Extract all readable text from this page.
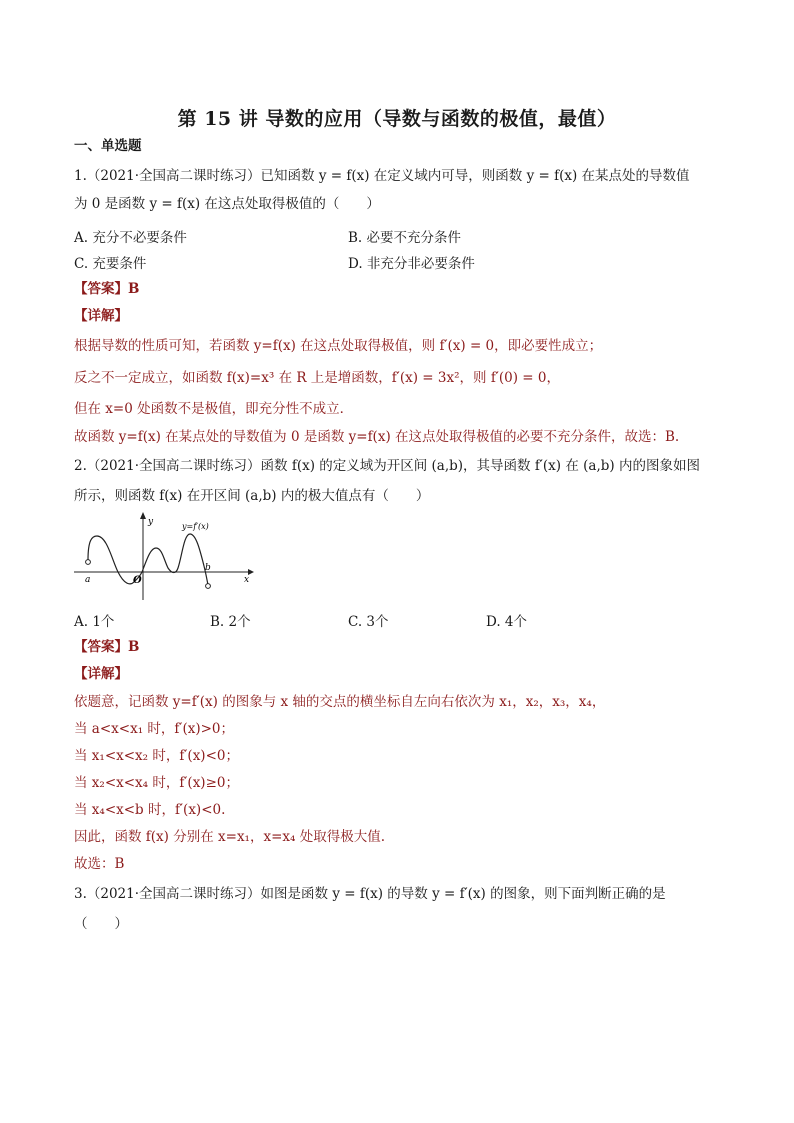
第 15 讲 导数的应用（导数与函数的极值，最值）
一、单选题
1.（2021·全国高二课时练习）已知函数 y = f(x) 在定义域内可导，则函数 y = f(x) 在某点处的导数值
为 0 是函数 y = f(x) 在这点处取得极值的（　　）
A. 充分不必要条件	B. 必要不充分条件
C. 充要条件	D. 非充分非必要条件
【答案】B
【详解】
根据导数的性质可知，若函数 y=f(x) 在这点处取得极值，则 f′(x) = 0，即必要性成立；
反之不一定成立，如函数 f(x)=x³ 在 R 上是增函数，f′(x) = 3x²，则 f′(0) = 0，
但在 x=0 处函数不是极值，即充分性不成立．
故函数 y=f(x) 在某点处的导数值为 0 是函数 y=f(x) 在这点处取得极值的必要不充分条件，故选：B.
2.（2021·全国高二课时练习）函数 f(x) 的定义域为开区间 (a,b)，其导函数 f′(x) 在 (a,b) 内的图象如图
所示，则函数 f(x) 在开区间 (a,b) 内的极大值点有（　　）
a
b
O
y
x
y=f′(x)
A. 1个	B. 2个	C. 3个	D. 4个
【答案】B
【详解】
依题意，记函数 y=f′(x) 的图象与 x 轴的交点的横坐标自左向右依次为 x₁，x₂，x₃，x₄，
当 a<x<x₁ 时，f′(x)>0；
当 x₁<x<x₂ 时，f′(x)<0；
当 x₂<x<x₄ 时，f′(x)≥0；
当 x₄<x<b 时，f′(x)<0.
因此，函数 f(x) 分别在 x=x₁，x=x₄ 处取得极大值.
故选：B
3.（2021·全国高二课时练习）如图是函数 y = f(x) 的导数 y = f′(x) 的图象，则下面判断正确的是
（　　）
